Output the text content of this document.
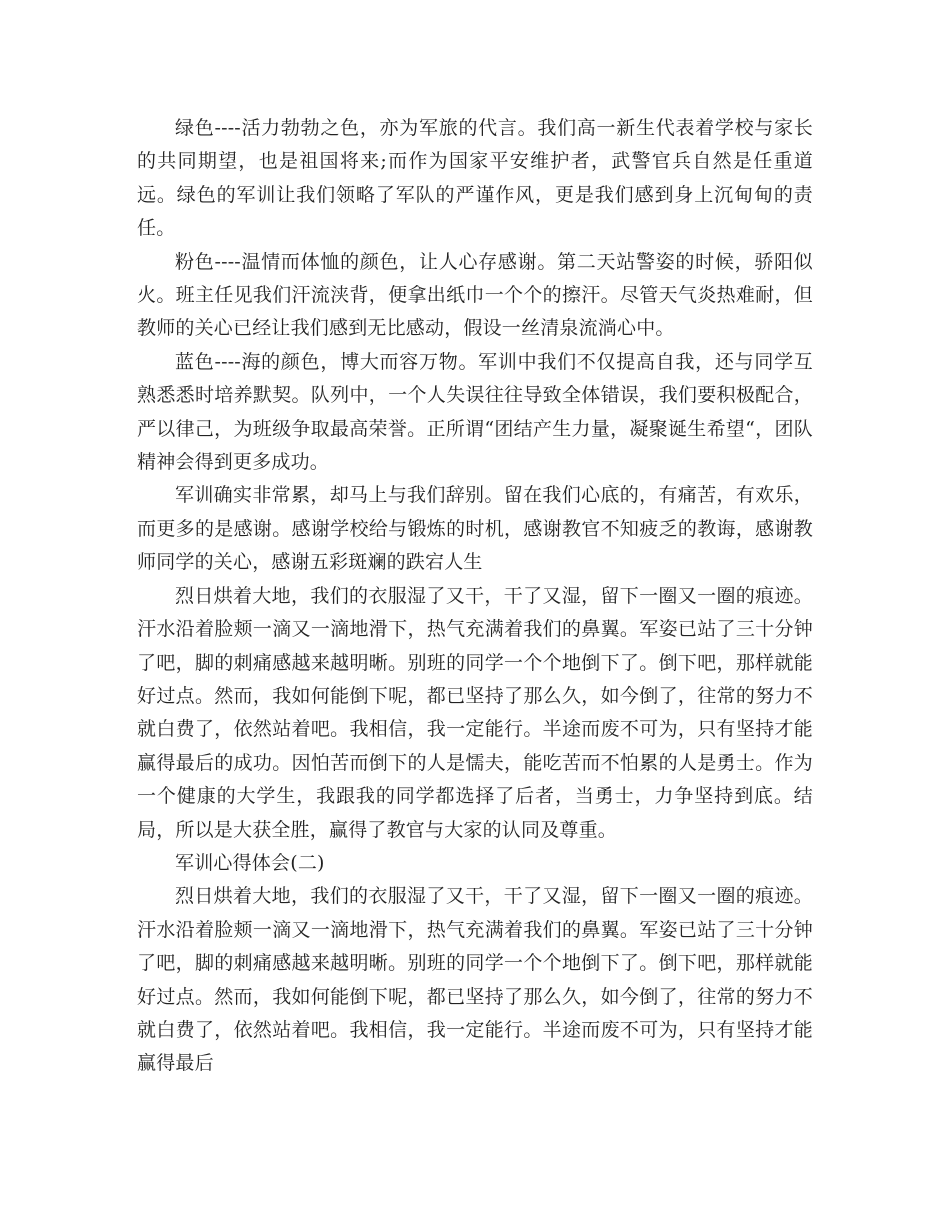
绿色----活力勃勃之色，亦为军旅的代言。我们高一新生代表着学校与家长的共同期望，也是祖国将来;而作为国家平安维护者，武警官兵自然是任重道远。绿色的军训让我们领略了军队的严谨作风，更是我们感到身上沉甸甸的责任。

粉色----温情而体恤的颜色，让人心存感谢。第二天站警姿的时候，骄阳似火。班主任见我们汗流浃背，便拿出纸巾一个个的擦汗。尽管天气炎热难耐，但教师的关心已经让我们感到无比感动，假设一丝清泉流淌心中。

蓝色----海的颜色，博大而容万物。军训中我们不仅提高自我，还与同学互熟悉悉时培养默契。队列中，一个人失误往往导致全体错误，我们要积极配合，严以律己，为班级争取最高荣誉。正所谓“团结产生力量，凝聚诞生希望“，团队精神会得到更多成功。

军训确实非常累，却马上与我们辞别。留在我们心底的，有痛苦，有欢乐，而更多的是感谢。感谢学校给与锻炼的时机，感谢教官不知疲乏的教诲，感谢教师同学的关心，感谢五彩斑斓的跌宕人生

烈日烘着大地，我们的衣服湿了又干，干了又湿，留下一圈又一圈的痕迹。汗水沿着脸颊一滴又一滴地滑下，热气充满着我们的鼻翼。军姿已站了三十分钟了吧，脚的刺痛感越来越明晰。别班的同学一个个地倒下了。倒下吧，那样就能好过点。然而，我如何能倒下呢，都已坚持了那么久，如今倒了，往常的努力不就白费了，依然站着吧。我相信，我一定能行。半途而废不可为，只有坚持才能赢得最后的成功。因怕苦而倒下的人是懦夫，能吃苦而不怕累的人是勇士。作为一个健康的大学生，我跟我的同学都选择了后者，当勇士，力争坚持到底。结局，所以是大获全胜，赢得了教官与大家的认同及尊重。

军训心得体会(二)

烈日烘着大地，我们的衣服湿了又干，干了又湿，留下一圈又一圈的痕迹。汗水沿着脸颊一滴又一滴地滑下，热气充满着我们的鼻翼。军姿已站了三十分钟了吧，脚的刺痛感越来越明晰。别班的同学一个个地倒下了。倒下吧，那样就能好过点。然而，我如何能倒下呢，都已坚持了那么久，如今倒了，往常的努力不就白费了，依然站着吧。我相信，我一定能行。半途而废不可为，只有坚持才能赢得最后
